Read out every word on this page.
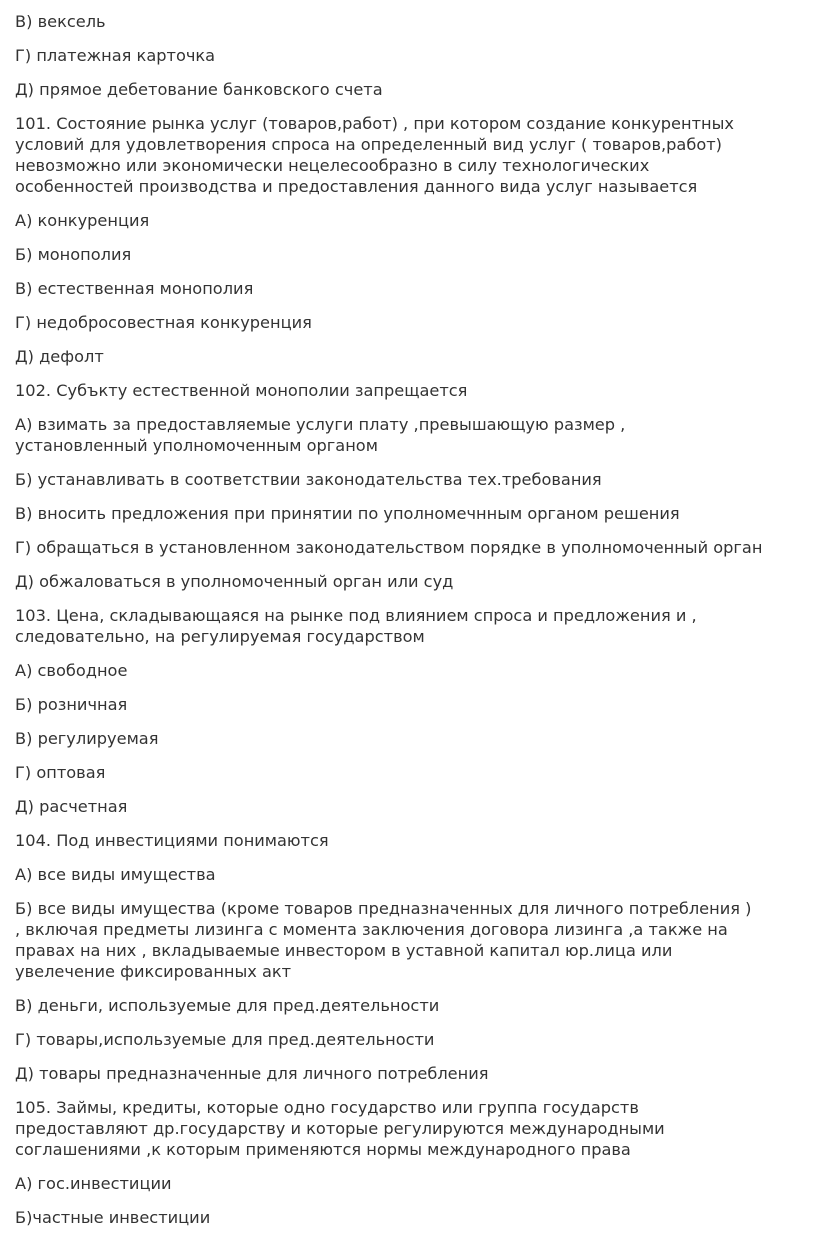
В) вексель

Г) платежная карточка

Д) прямое дебетование банковского счета

101. Состояние рынка услуг (товаров,работ) , при котором создание конкурентных
условий для удовлетворения спроса на определенный вид услуг ( товаров,работ)
невозможно или экономически нецелесообразно в силу технологических
особенностей производства и предоставления данного вида услуг называется

А) конкуренция

Б) монополия

В) естественная монополия

Г) недобросовестная конкуренция

Д) дефолт

102. Субъкту естественной монополии запрещается

А) взимать за предоставляемые услуги плату ,превышающую размер ,
установленный уполномоченным органом

Б) устанавливать в соответствии законодательства тех.требования

В) вносить предложения при принятии по уполномечнным органом решения

Г) обращаться в установленном законодательством порядке в уполномоченный орган

Д) обжаловаться в уполномоченный орган или суд

103. Цена, складывающаяся на рынке под влиянием спроса и предложения и ,
следовательно, на регулируемая государством

А) свободное

Б) розничная

В) регулируемая

Г) оптовая

Д) расчетная

104. Под инвестициями понимаются

А) все виды имущества

Б) все виды имущества (кроме товаров предназначенных для личного потребления )
, включая предметы лизинга с момента заключения договора лизинга ,а также на
правах на них , вкладываемые инвестором в уставной капитал юр.лица или
увелечение фиксированных акт

В) деньги, используемые для пред.деятельности

Г) товары,используемые для пред.деятельности

Д) товары предназначенные для личного потребления

105. Займы, кредиты, которые одно государство или группа государств
предоставляют др.государству и которые регулируются международными
соглашениями ,к которым применяются нормы международного права

А) гос.инвестиции

Б)частные инвестиции
